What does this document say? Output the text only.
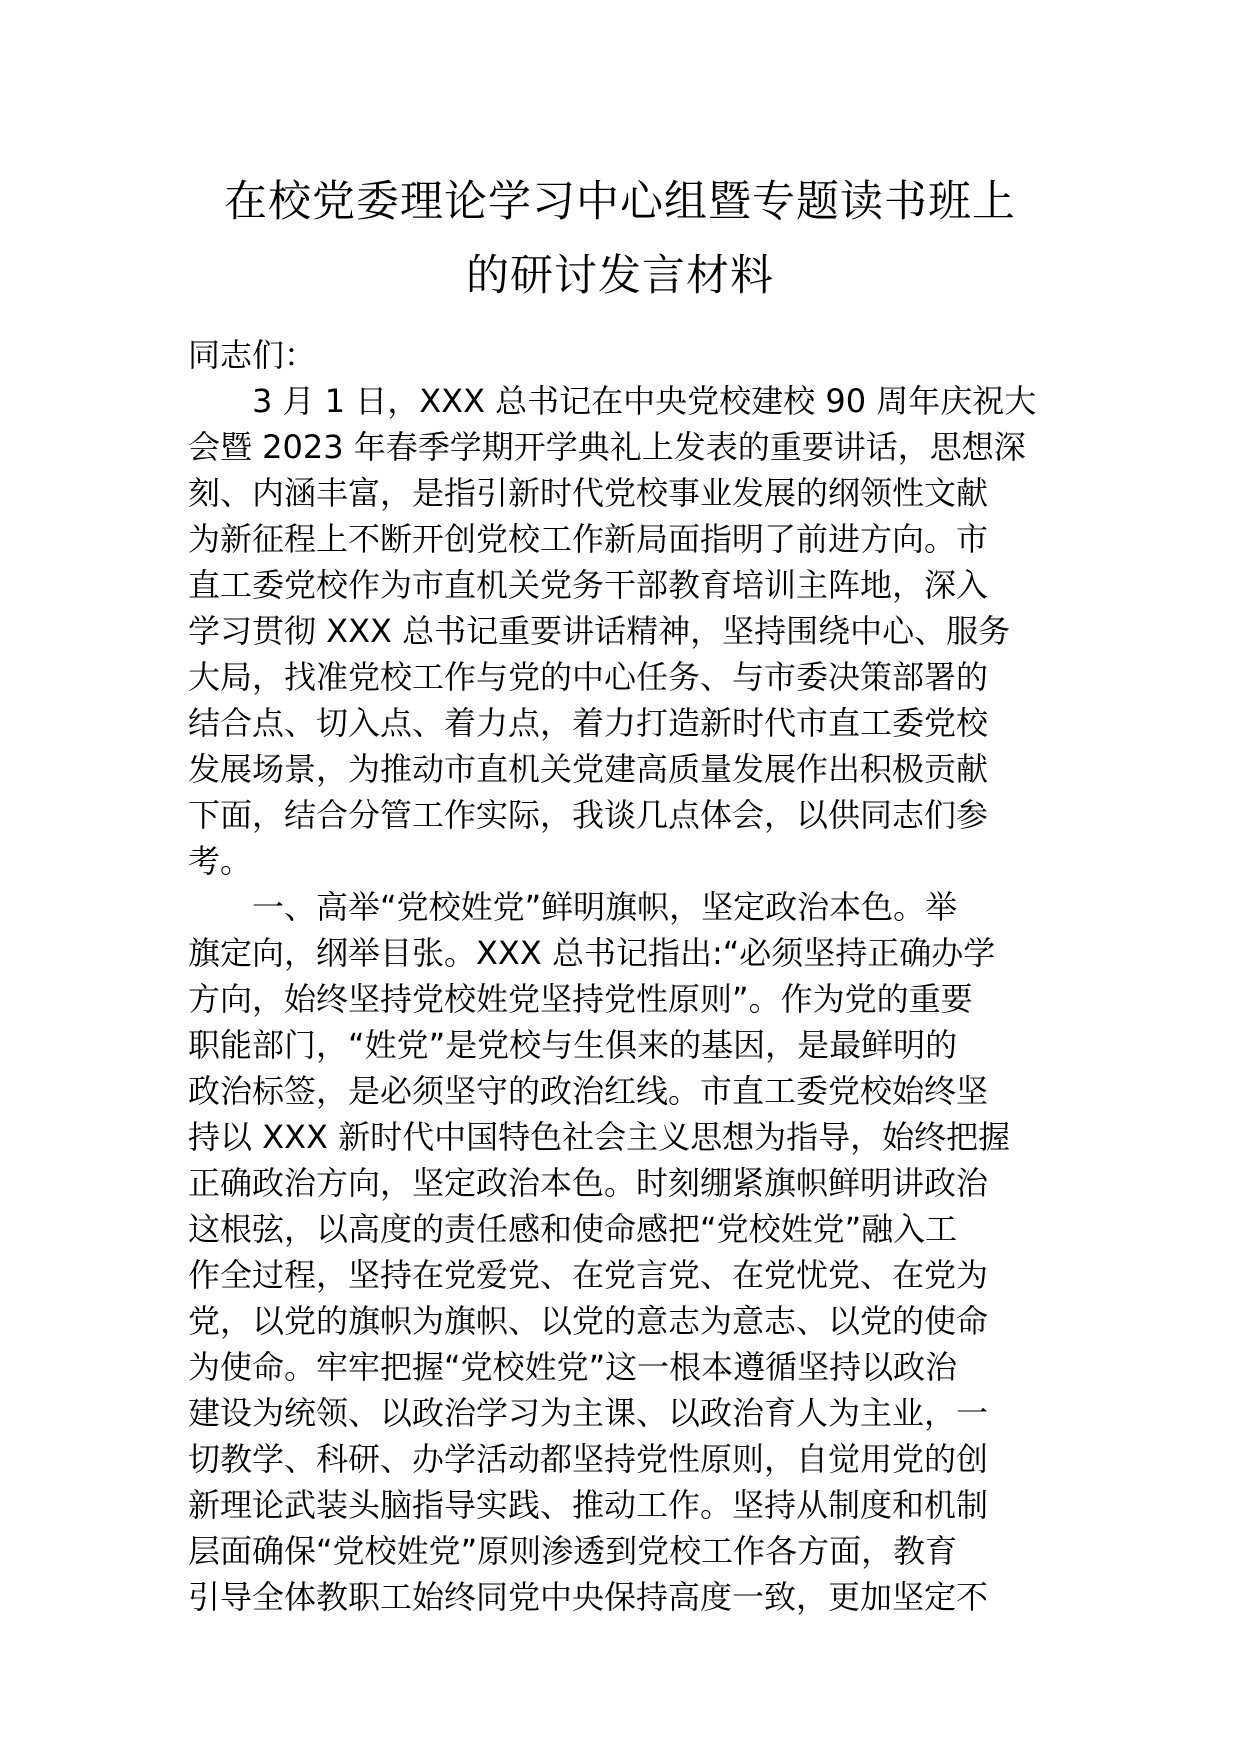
在校党委理论学习中心组暨专题读书班上
的研讨发言材料
同志们：
3 月 1 日，XXX 总书记在中央党校建校 90 周年庆祝大
会暨 2023 年春季学期开学典礼上发表的重要讲话，思想深
刻、内涵丰富，是指引新时代党校事业发展的纲领性文献
为新征程上不断开创党校工作新局面指明了前进方向。市
直工委党校作为市直机关党务干部教育培训主阵地，深入
学习贯彻 XXX 总书记重要讲话精神，坚持围绕中心、服务
大局，找准党校工作与党的中心任务、与市委决策部署的
结合点、切入点、着力点，着力打造新时代市直工委党校
发展场景，为推动市直机关党建高质量发展作出积极贡献
下面，结合分管工作实际，我谈几点体会，以供同志们参
考。
一、高举“党校姓党”鲜明旗帜，坚定政治本色。举
旗定向，纲举目张。XXX 总书记指出:“必须坚持正确办学
方向，始终坚持党校姓党坚持党性原则”。作为党的重要
职能部门，“姓党”是党校与生俱来的基因，是最鲜明的
政治标签，是必须坚守的政治红线。市直工委党校始终坚
持以 XXX 新时代中国特色社会主义思想为指导，始终把握
正确政治方向，坚定政治本色。时刻绷紧旗帜鲜明讲政治
这根弦，以高度的责任感和使命感把“党校姓党”融入工
作全过程，坚持在党爱党、在党言党、在党忧党、在党为
党，以党的旗帜为旗帜、以党的意志为意志、以党的使命
为使命。牢牢把握“党校姓党”这一根本遵循坚持以政治
建设为统领、以政治学习为主课、以政治育人为主业，一
切教学、科研、办学活动都坚持党性原则，自觉用党的创
新理论武装头脑指导实践、推动工作。坚持从制度和机制
层面确保“党校姓党”原则渗透到党校工作各方面，教育
引导全体教职工始终同党中央保持高度一致，更加坚定不
